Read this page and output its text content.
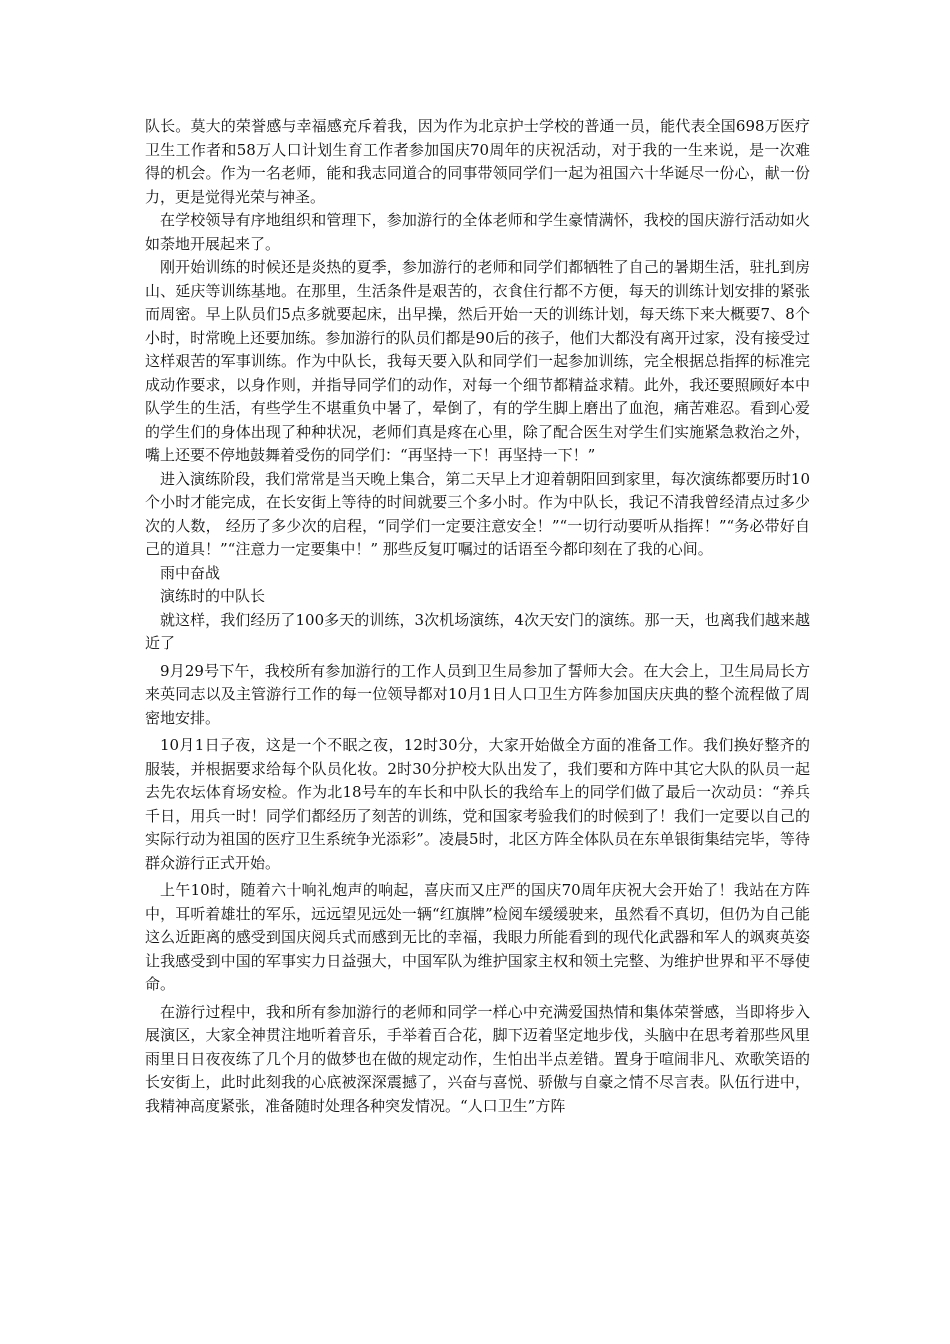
队长。莫大的荣誉感与幸福感充斥着我，因为作为北京护士学校的普通一员，能代表全国698万医疗卫生工作者和58万人口计划生育工作者参加国庆70周年的庆祝活动，对于我的一生来说，是一次难得的机会。作为一名老师，能和我志同道合的同事带领同学们一起为祖国六十华诞尽一份心，献一份力，更是觉得光荣与神圣。

在学校领导有序地组织和管理下，参加游行的全体老师和学生豪情满怀，我校的国庆游行活动如火如荼地开展起来了。

刚开始训练的时候还是炎热的夏季，参加游行的老师和同学们都牺牲了自己的暑期生活，驻扎到房山、延庆等训练基地。在那里，生活条件是艰苦的，衣食住行都不方便，每天的训练计划安排的紧张而周密。早上队员们5点多就要起床，出早操，然后开始一天的训练计划，每天练下来大概要7、8个小时，时常晚上还要加练。参加游行的队员们都是90后的孩子，他们大都没有离开过家，没有接受过这样艰苦的军事训练。作为中队长，我每天要入队和同学们一起参加训练，完全根据总指挥的标准完成动作要求，以身作则，并指导同学们的动作，对每一个细节都精益求精。此外，我还要照顾好本中队学生的生活，有些学生不堪重负中暑了，晕倒了，有的学生脚上磨出了血泡，痛苦难忍。看到心爱的学生们的身体出现了种种状况，老师们真是疼在心里，除了配合医生对学生们实施紧急救治之外，嘴上还要不停地鼓舞着受伤的同学们：“再坚持一下！再坚持一下！”

进入演练阶段，我们常常是当天晚上集合，第二天早上才迎着朝阳回到家里，每次演练都要历时10个小时才能完成，在长安街上等待的时间就要三个多小时。作为中队长，我记不清我曾经清点过多少次的人数， 经历了多少次的启程，“同学们一定要注意安全！”“一切行动要听从指挥！”“务必带好自己的道具！”“注意力一定要集中！” 那些反复叮嘱过的话语至今都印刻在了我的心间。

雨中奋战

演练时的中队长

就这样，我们经历了100多天的训练，3次机场演练，4次天安门的演练。那一天，也离我们越来越近了

9月29号下午，我校所有参加游行的工作人员到卫生局参加了誓师大会。在大会上，卫生局局长方来英同志以及主管游行工作的每一位领导都对10月1日人口卫生方阵参加国庆庆典的整个流程做了周密地安排。

10月1日子夜，这是一个不眠之夜，12时30分，大家开始做全方面的准备工作。我们换好整齐的服装，并根据要求给每个队员化妆。2时30分护校大队出发了，我们要和方阵中其它大队的队员一起去先农坛体育场安检。作为北18号车的车长和中队长的我给车上的同学们做了最后一次动员：“养兵千日，用兵一时！同学们都经历了刻苦的训练，党和国家考验我们的时候到了！我们一定要以自己的实际行动为祖国的医疗卫生系统争光添彩”。凌晨5时，北区方阵全体队员在东单银街集结完毕，等待群众游行正式开始。

上午10时，随着六十响礼炮声的响起，喜庆而又庄严的国庆70周年庆祝大会开始了！我站在方阵中，耳听着雄壮的军乐，远远望见远处一辆“红旗牌”检阅车缓缓驶来，虽然看不真切，但仍为自己能这么近距离的感受到国庆阅兵式而感到无比的幸福，我眼力所能看到的现代化武器和军人的飒爽英姿让我感受到中国的军事实力日益强大，中国军队为维护国家主权和领土完整、为维护世界和平不辱使命。

在游行过程中，我和所有参加游行的老师和同学一样心中充满爱国热情和集体荣誉感，当即将步入展演区，大家全神贯注地听着音乐，手举着百合花，脚下迈着坚定地步伐，头脑中在思考着那些风里雨里日日夜夜练了几个月的做梦也在做的规定动作，生怕出半点差错。置身于喧闹非凡、欢歌笑语的长安街上，此时此刻我的心底被深深震撼了，兴奋与喜悦、骄傲与自豪之情不尽言表。队伍行进中，我精神高度紧张，准备随时处理各种突发情况。“人口卫生”方阵
